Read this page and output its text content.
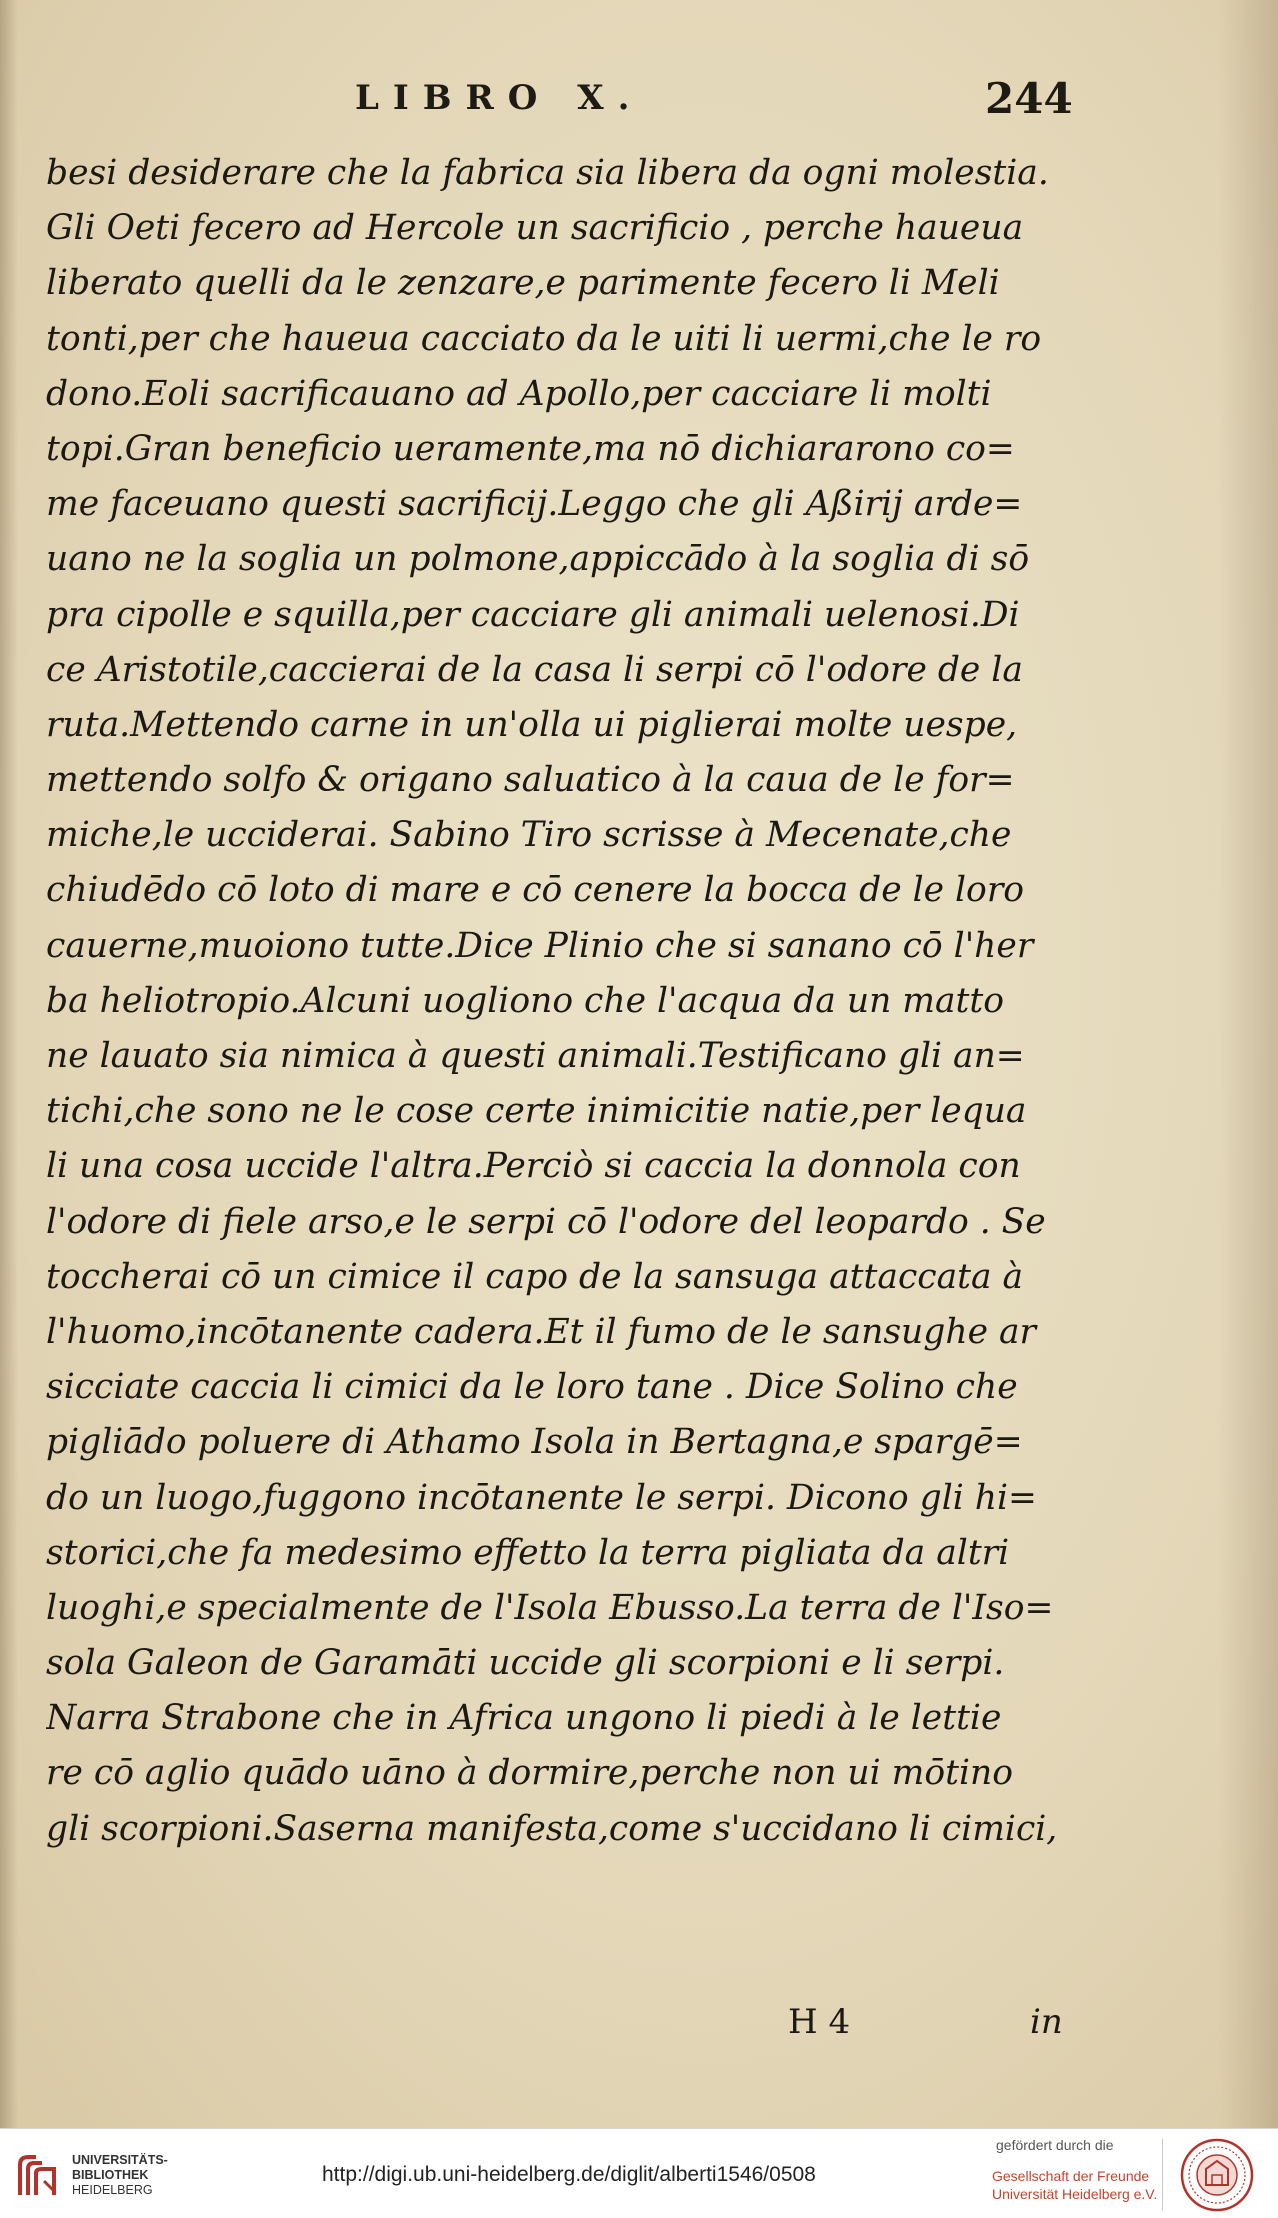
LIBRO X.	244
besi desiderare che la fabrica sia libera da ogni molestia.
Gli Oeti fecero ad Hercole un sacrificio , perche haueua
liberato quelli da le zenzare,e parimente fecero li Meli
tonti,per che haueua cacciato da le uiti li uermi,che le ro
dono.Eoli sacrificauano ad Apollo,per cacciare li molti
topi.Gran beneficio ueramente,ma nō dichiararono co=
me faceuano questi sacrificij.Leggo che gli Aßirij arde=
uano ne la soglia un polmone,appiccādo à la soglia di sō
pra cipolle e squilla,per cacciare gli animali uelenosi.Di
ce Aristotile,caccierai de la casa li serpi cō l'odore de la
ruta.Mettendo carne in un'olla ui piglierai molte uespe,
mettendo solfo & origano saluatico à la caua de le for=
miche,le ucciderai. Sabino Tiro scrisse à Mecenate,che
chiudēdo cō loto di mare e cō cenere la bocca de le loro
cauerne,muoiono tutte.Dice Plinio che si sanano cō l'her
ba heliotropio.Alcuni uogliono che l'acqua da un matto
ne lauato sia nimica à questi animali.Testificano gli an=
tichi,che sono ne le cose certe inimicitie natie,per lequa
li una cosa uccide l'altra.Perciò si caccia la donnola con
l'odore di fiele arso,e le serpi cō l'odore del leopardo . Se
toccherai cō un cimice il capo de la sansuga attaccata à
l'huomo,incōtanente cadera.Et il fumo de le sansughe ar
sicciate caccia li cimici da le loro tane . Dice Solino che
pigliādo poluere di Athamo Isola in Bertagna,e spargē=
do un luogo,fuggono incōtanente le serpi. Dicono gli hi=
storici,che fa medesimo effetto la terra pigliata da altri
luoghi,e specialmente de l'Isola Ebusso.La terra de l'Iso=
sola Galeon de Garamāti uccide gli scorpioni e li serpi.
Narra Strabone che in Africa ungono li piedi à le lettie
re cō aglio quādo uāno à dormire,perche non ui mōtino
gli scorpioni.Saserna manifesta,come s'uccidano li cimici,
H 4	in
UNIVERSITÄTS-
BIBLIOTHEK
HEIDELBERG
http://digi.ub.uni-heidelberg.de/diglit/alberti1546/0508
gefördert durch die
Gesellschaft der Freunde
Universität Heidelberg e.V.
